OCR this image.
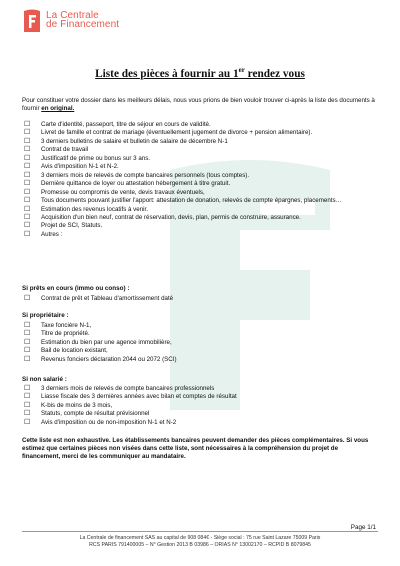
La Centrale
de Financement
Liste des pièces à fournir au 1er rendez vous
Pour constituer votre dossier dans les meilleurs délais, nous vous prions de bien vouloir trouver ci-après la liste des documents à fournir en original.
☐ Carte d'identité, passeport, titre de séjour en cours de validité.
☐ Livret de famille et contrat de mariage (éventuellement jugement de divorce + pension alimentaire).
☐ 3 derniers bulletins de salaire et bulletin de salaire de décembre N-1
☐ Contrat de travail
☐ Justificatif de prime ou bonus sur 3 ans.
☐ Avis d'imposition N-1 et N-2.
☐ 3 derniers mois de relevés de compte bancaires personnels (tous comptes).
☐ Dernière quittance de loyer ou attestation hébergement à titre gratuit.
☐ Promesse ou compromis de vente, devis travaux éventuels,
☐ Tous documents pouvant justifier l'apport: attestation de donation, relevés de compte épargnes, placements…
☐ Estimation des revenus locatifs à venir.
☐ Acquisition d'un bien neuf, contrat de réservation, devis, plan, permis de construire, assurance.
☐ Projet de SCI, Statuts.
☐ Autres :
Si prêts en cours (immo ou conso) :
☐ Contrat de prêt et Tableau d'amortissement daté
Si propriétaire :
☐ Taxe foncière N-1,
☐ Titre de propriété.
☐ Estimation du bien par une agence immobilière,
☐ Bail de location existant,
☐ Revenus fonciers déclaration 2044 ou 2072 (SCI)
Si non salarié :
☐ 3 derniers mois de relevés de compte bancaires professionnels
☐ Liasse fiscale des 3 dernières années avec bilan et comptes de résultat
☐ K-bis de moins de 3 mois,
☐ Statuts, compte de résultat prévisionnel
☐ Avis d'imposition ou de non-imposition N-1 et N-2
Cette liste est non exhaustive. Les établissements bancaires peuvent demander des pièces complémentaires. Si vous estimez que certaines pièces non visées dans cette liste, sont nécessaires à la compréhension du projet de financement, merci de les communiquer au mandataire.
Page 1/1
La Centrale de financement SAS au capital de 908 084€ - Siège social : 75 rue Saint Lazare 75009 Paris
RCS PARIS 791400005 – N° Gestion 2013 B 03986 – ORIAS N° 13002170 – RCPID B 8079845
